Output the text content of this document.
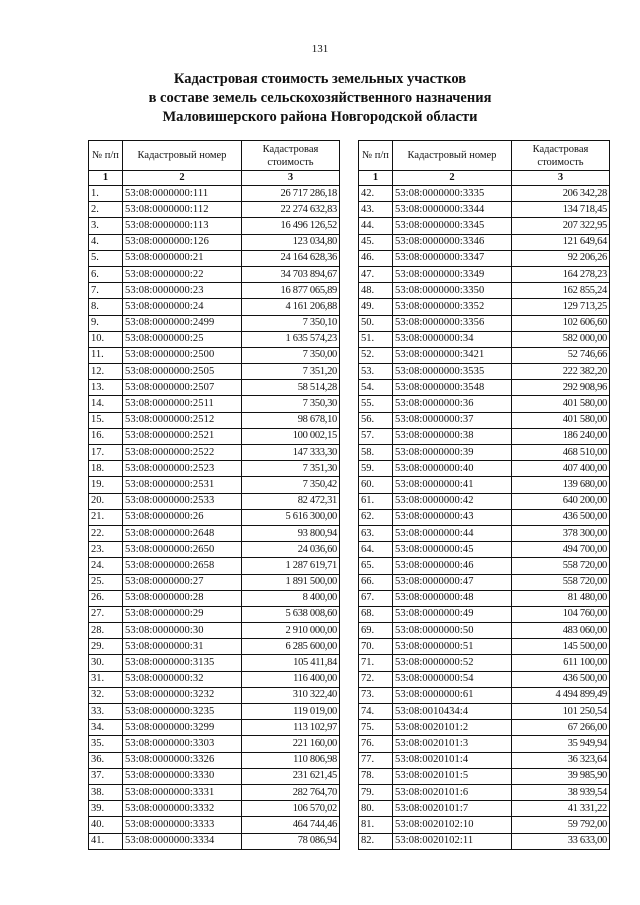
131
Кадастровая стоимость земельных участков
в составе земель сельскохозяйственного назначения
Маловишерского района Новгородской области
№ п/п	Кадастровый номер	Кадастровая стоимость
1	2	3
1.	53:08:0000000:111	26 717 286,18
2.	53:08:0000000:112	22 274 632,83
3.	53:08:0000000:113	16 496 126,52
4.	53:08:0000000:126	123 034,80
5.	53:08:0000000:21	24 164 628,36
6.	53:08:0000000:22	34 703 894,67
7.	53:08:0000000:23	16 877 065,89
8.	53:08:0000000:24	4 161 206,88
9.	53:08:0000000:2499	7 350,10
10.	53:08:0000000:25	1 635 574,23
11.	53:08:0000000:2500	7 350,00
12.	53:08:0000000:2505	7 351,20
13.	53:08:0000000:2507	58 514,28
14.	53:08:0000000:2511	7 350,30
15.	53:08:0000000:2512	98 678,10
16.	53:08:0000000:2521	100 002,15
17.	53:08:0000000:2522	147 333,30
18.	53:08:0000000:2523	7 351,30
19.	53:08:0000000:2531	7 350,42
20.	53:08:0000000:2533	82 472,31
21.	53:08:0000000:26	5 616 300,00
22.	53:08:0000000:2648	93 800,94
23.	53:08:0000000:2650	24 036,60
24.	53:08:0000000:2658	1 287 619,71
25.	53:08:0000000:27	1 891 500,00
26.	53:08:0000000:28	8 400,00
27.	53:08:0000000:29	5 638 008,60
28.	53:08:0000000:30	2 910 000,00
29.	53:08:0000000:31	6 285 600,00
30.	53:08:0000000:3135	105 411,84
31.	53:08:0000000:32	116 400,00
32.	53:08:0000000:3232	310 322,40
33.	53:08:0000000:3235	119 019,00
34.	53:08:0000000:3299	113 102,97
35.	53:08:0000000:3303	221 160,00
36.	53:08:0000000:3326	110 806,98
37.	53:08:0000000:3330	231 621,45
38.	53:08:0000000:3331	282 764,70
39.	53:08:0000000:3332	106 570,02
40.	53:08:0000000:3333	464 744,46
41.	53:08:0000000:3334	78 086,94
№ п/п	Кадастровый номер	Кадастровая стоимость
1	2	3
42.	53:08:0000000:3335	206 342,28
43.	53:08:0000000:3344	134 718,45
44.	53:08:0000000:3345	207 322,95
45.	53:08:0000000:3346	121 649,64
46.	53:08:0000000:3347	92 206,26
47.	53:08:0000000:3349	164 278,23
48.	53:08:0000000:3350	162 855,24
49.	53:08:0000000:3352	129 713,25
50.	53:08:0000000:3356	102 606,60
51.	53:08:0000000:34	582 000,00
52.	53:08:0000000:3421	52 746,66
53.	53:08:0000000:3535	222 382,20
54.	53:08:0000000:3548	292 908,96
55.	53:08:0000000:36	401 580,00
56.	53:08:0000000:37	401 580,00
57.	53:08:0000000:38	186 240,00
58.	53:08:0000000:39	468 510,00
59.	53:08:0000000:40	407 400,00
60.	53:08:0000000:41	139 680,00
61.	53:08:0000000:42	640 200,00
62.	53:08:0000000:43	436 500,00
63.	53:08:0000000:44	378 300,00
64.	53:08:0000000:45	494 700,00
65.	53:08:0000000:46	558 720,00
66.	53:08:0000000:47	558 720,00
67.	53:08:0000000:48	81 480,00
68.	53:08:0000000:49	104 760,00
69.	53:08:0000000:50	483 060,00
70.	53:08:0000000:51	145 500,00
71.	53:08:0000000:52	611 100,00
72.	53:08:0000000:54	436 500,00
73.	53:08:0000000:61	4 494 899,49
74.	53:08:0010434:4	101 250,54
75.	53:08:0020101:2	67 266,00
76.	53:08:0020101:3	35 949,94
77.	53:08:0020101:4	36 323,64
78.	53:08:0020101:5	39 985,90
79.	53:08:0020101:6	38 939,54
80.	53:08:0020101:7	41 331,22
81.	53:08:0020102:10	59 792,00
82.	53:08:0020102:11	33 633,00
